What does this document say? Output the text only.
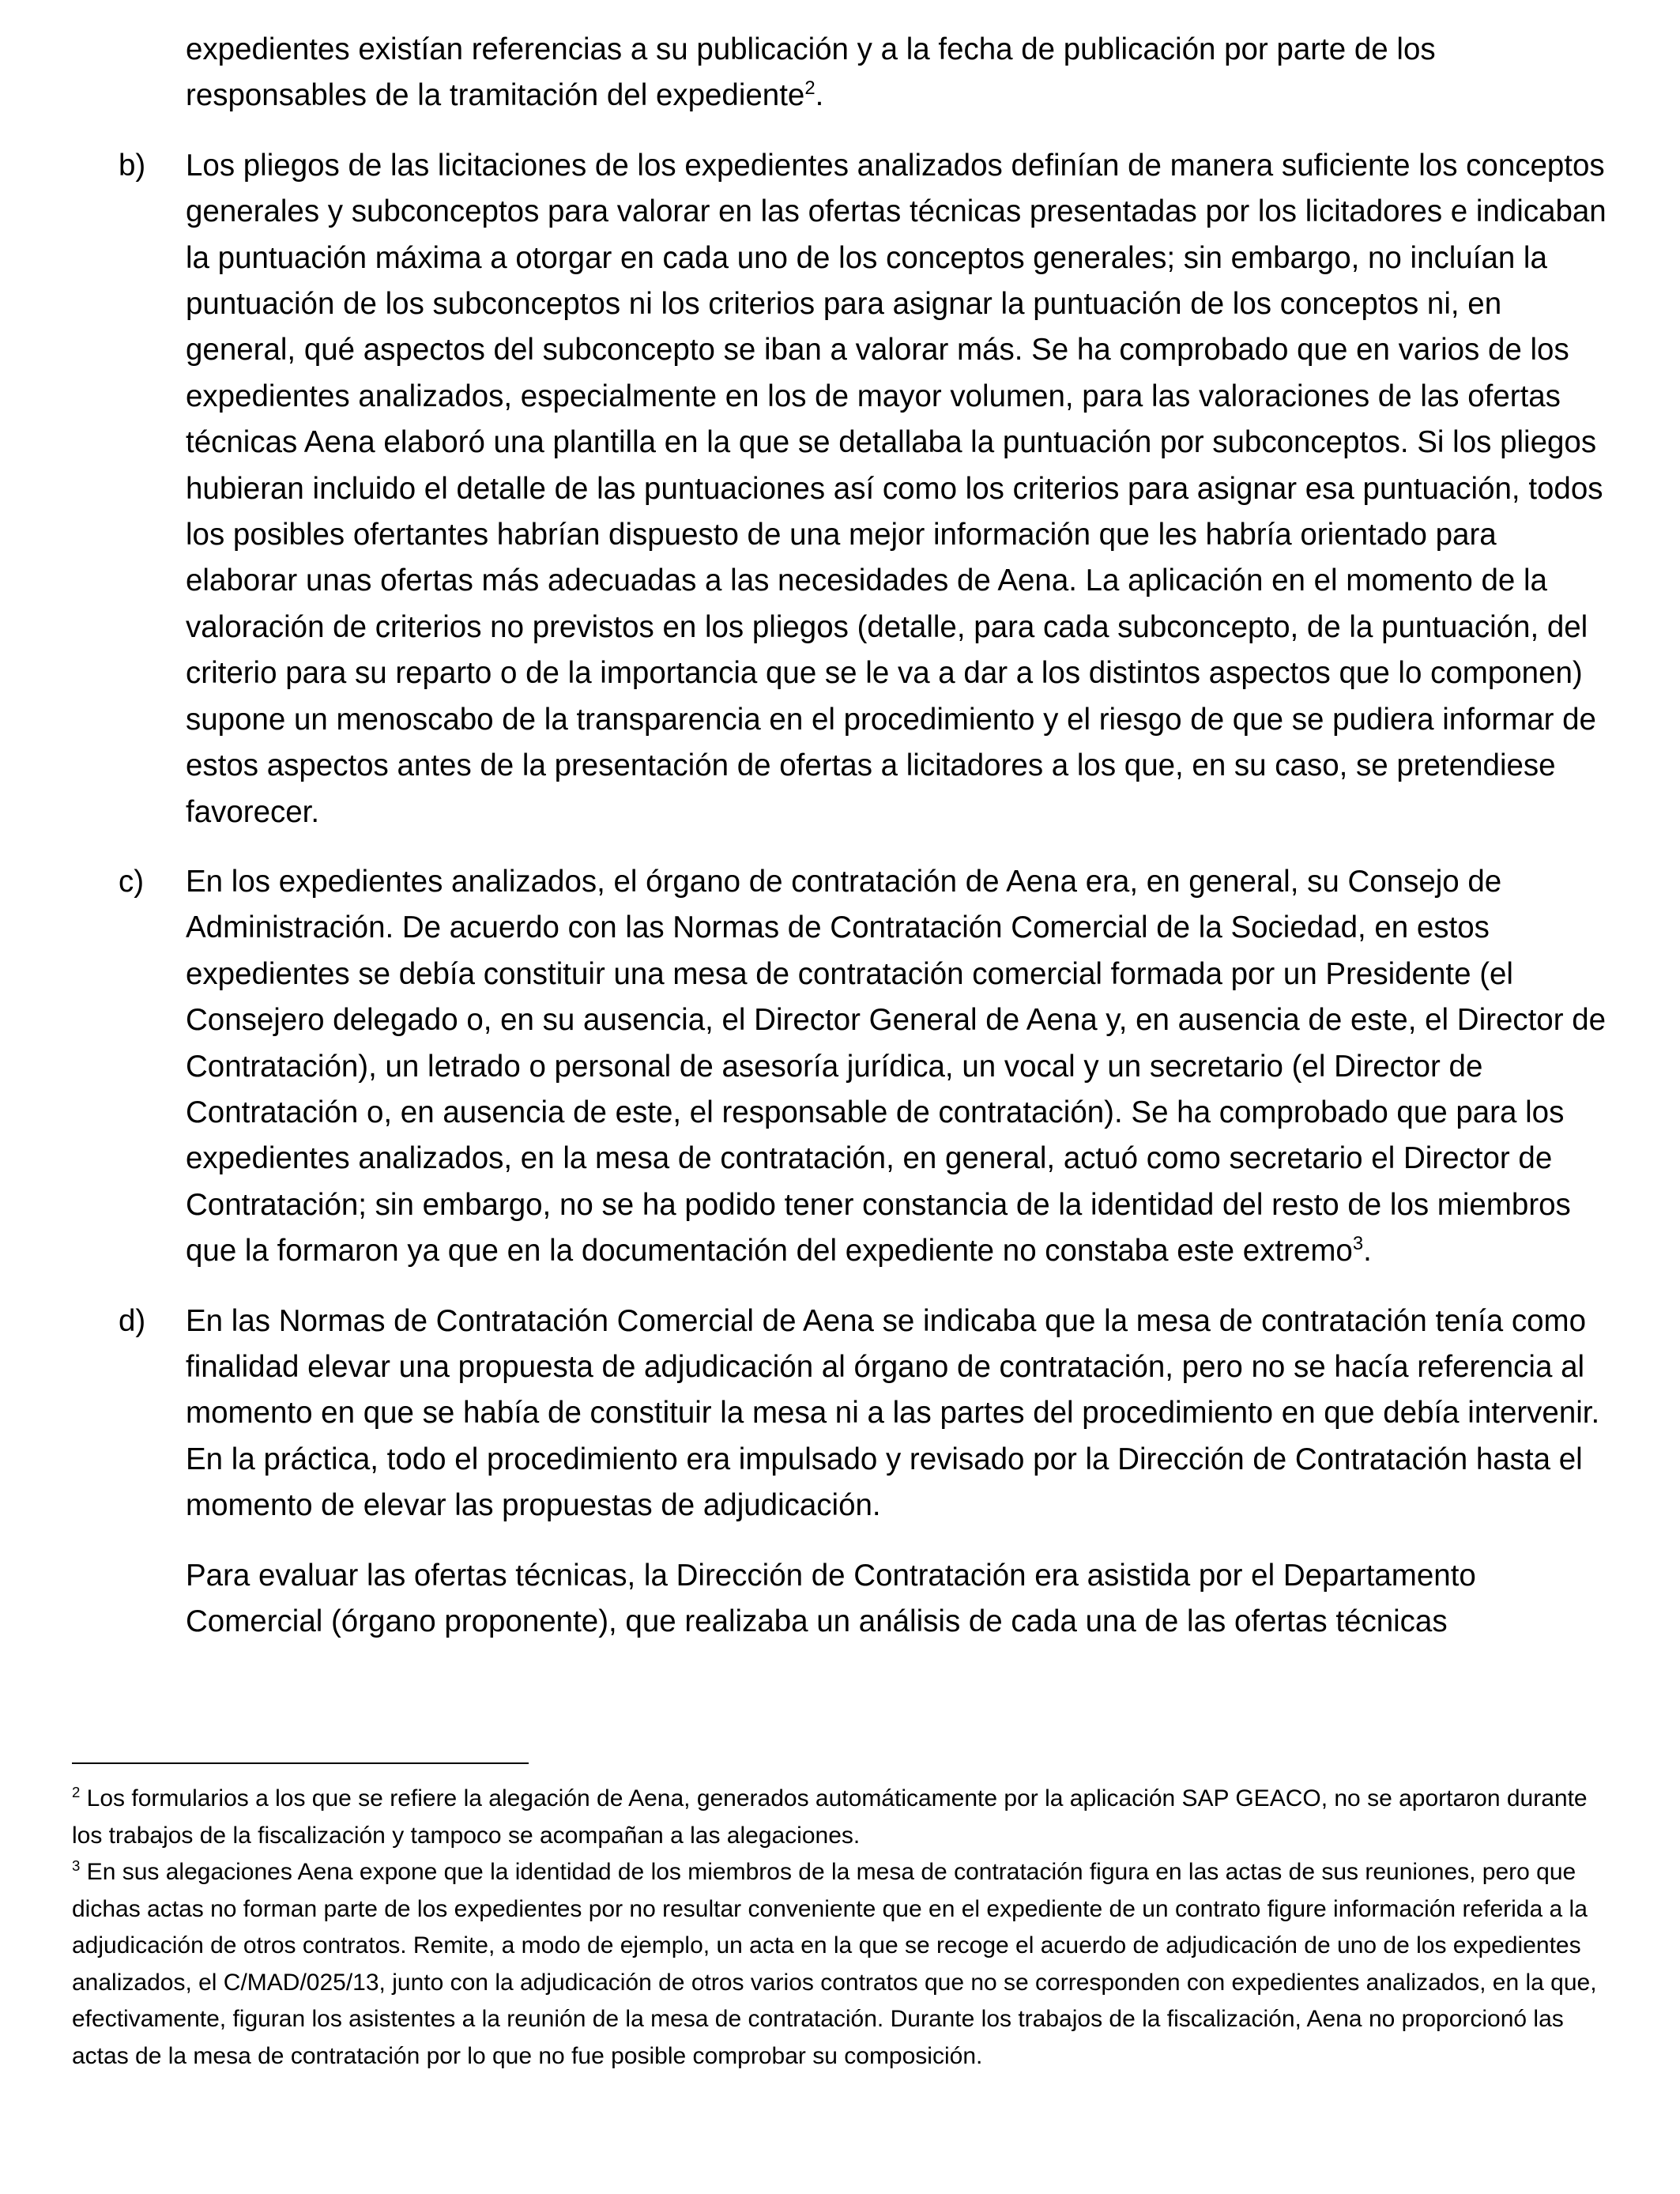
expedientes existían referencias a su publicación y a la fecha de publicación por parte de los responsables de la tramitación del expediente$^2$.

b) Los pliegos de las licitaciones de los expedientes analizados definían de manera suficiente los conceptos generales y subconceptos para valorar en las ofertas técnicas presentadas por los licitadores e indicaban la puntuación máxima a otorgar en cada uno de los conceptos generales; sin embargo, no incluían la puntuación de los subconceptos ni los criterios para asignar la puntuación de los conceptos ni, en general, qué aspectos del subconcepto se iban a valorar más. Se ha comprobado que en varios de los expedientes analizados, especialmente en los de mayor volumen, para las valoraciones de las ofertas técnicas Aena elaboró una plantilla en la que se detallaba la puntuación por subconceptos. Si los pliegos hubieran incluido el detalle de las puntuaciones así como los criterios para asignar esa puntuación, todos los posibles ofertantes habrían dispuesto de una mejor información que les habría orientado para elaborar unas ofertas más adecuadas a las necesidades de Aena. La aplicación en el momento de la valoración de criterios no previstos en los pliegos (detalle, para cada subconcepto, de la puntuación, del criterio para su reparto o de la importancia que se le va a dar a los distintos aspectos que lo componen) supone un menoscabo de la transparencia en el procedimiento y el riesgo de que se pudiera informar de estos aspectos antes de la presentación de ofertas a licitadores a los que, en su caso, se pretendiese favorecer.

c) En los expedientes analizados, el órgano de contratación de Aena era, en general, su Consejo de Administración. De acuerdo con las Normas de Contratación Comercial de la Sociedad, en estos expedientes se debía constituir una mesa de contratación comercial formada por un Presidente (el Consejero delegado o, en su ausencia, el Director General de Aena y, en ausencia de este, el Director de Contratación), un letrado o personal de asesoría jurídica, un vocal y un secretario (el Director de Contratación o, en ausencia de este, el responsable de contratación). Se ha comprobado que para los expedientes analizados, en la mesa de contratación, en general, actuó como secretario el Director de Contratación; sin embargo, no se ha podido tener constancia de la identidad del resto de los miembros que la formaron ya que en la documentación del expediente no constaba este extremo$^3$.

d) En las Normas de Contratación Comercial de Aena se indicaba que la mesa de contratación tenía como finalidad elevar una propuesta de adjudicación al órgano de contratación, pero no se hacía referencia al momento en que se había de constituir la mesa ni a las partes del procedimiento en que debía intervenir. En la práctica, todo el procedimiento era impulsado y revisado por la Dirección de Contratación hasta el momento de elevar las propuestas de adjudicación.

Para evaluar las ofertas técnicas, la Dirección de Contratación era asistida por el Departamento Comercial (órgano proponente), que realizaba un análisis de cada una de las ofertas técnicas

$^2$ Los formularios a los que se refiere la alegación de Aena, generados automáticamente por la aplicación SAP GEACO, no se aportaron durante los trabajos de la fiscalización y tampoco se acompañan a las alegaciones.

$^3$ En sus alegaciones Aena expone que la identidad de los miembros de la mesa de contratación figura en las actas de sus reuniones, pero que dichas actas no forman parte de los expedientes por no resultar conveniente que en el expediente de un contrato figure información referida a la adjudicación de otros contratos. Remite, a modo de ejemplo, un acta en la que se recoge el acuerdo de adjudicación de uno de los expedientes analizados, el C/MAD/025/13, junto con la adjudicación de otros varios contratos que no se corresponden con expedientes analizados, en la que, efectivamente, figuran los asistentes a la reunión de la mesa de contratación. Durante los trabajos de la fiscalización, Aena no proporcionó las actas de la mesa de contratación por lo que no fue posible comprobar su composición.
